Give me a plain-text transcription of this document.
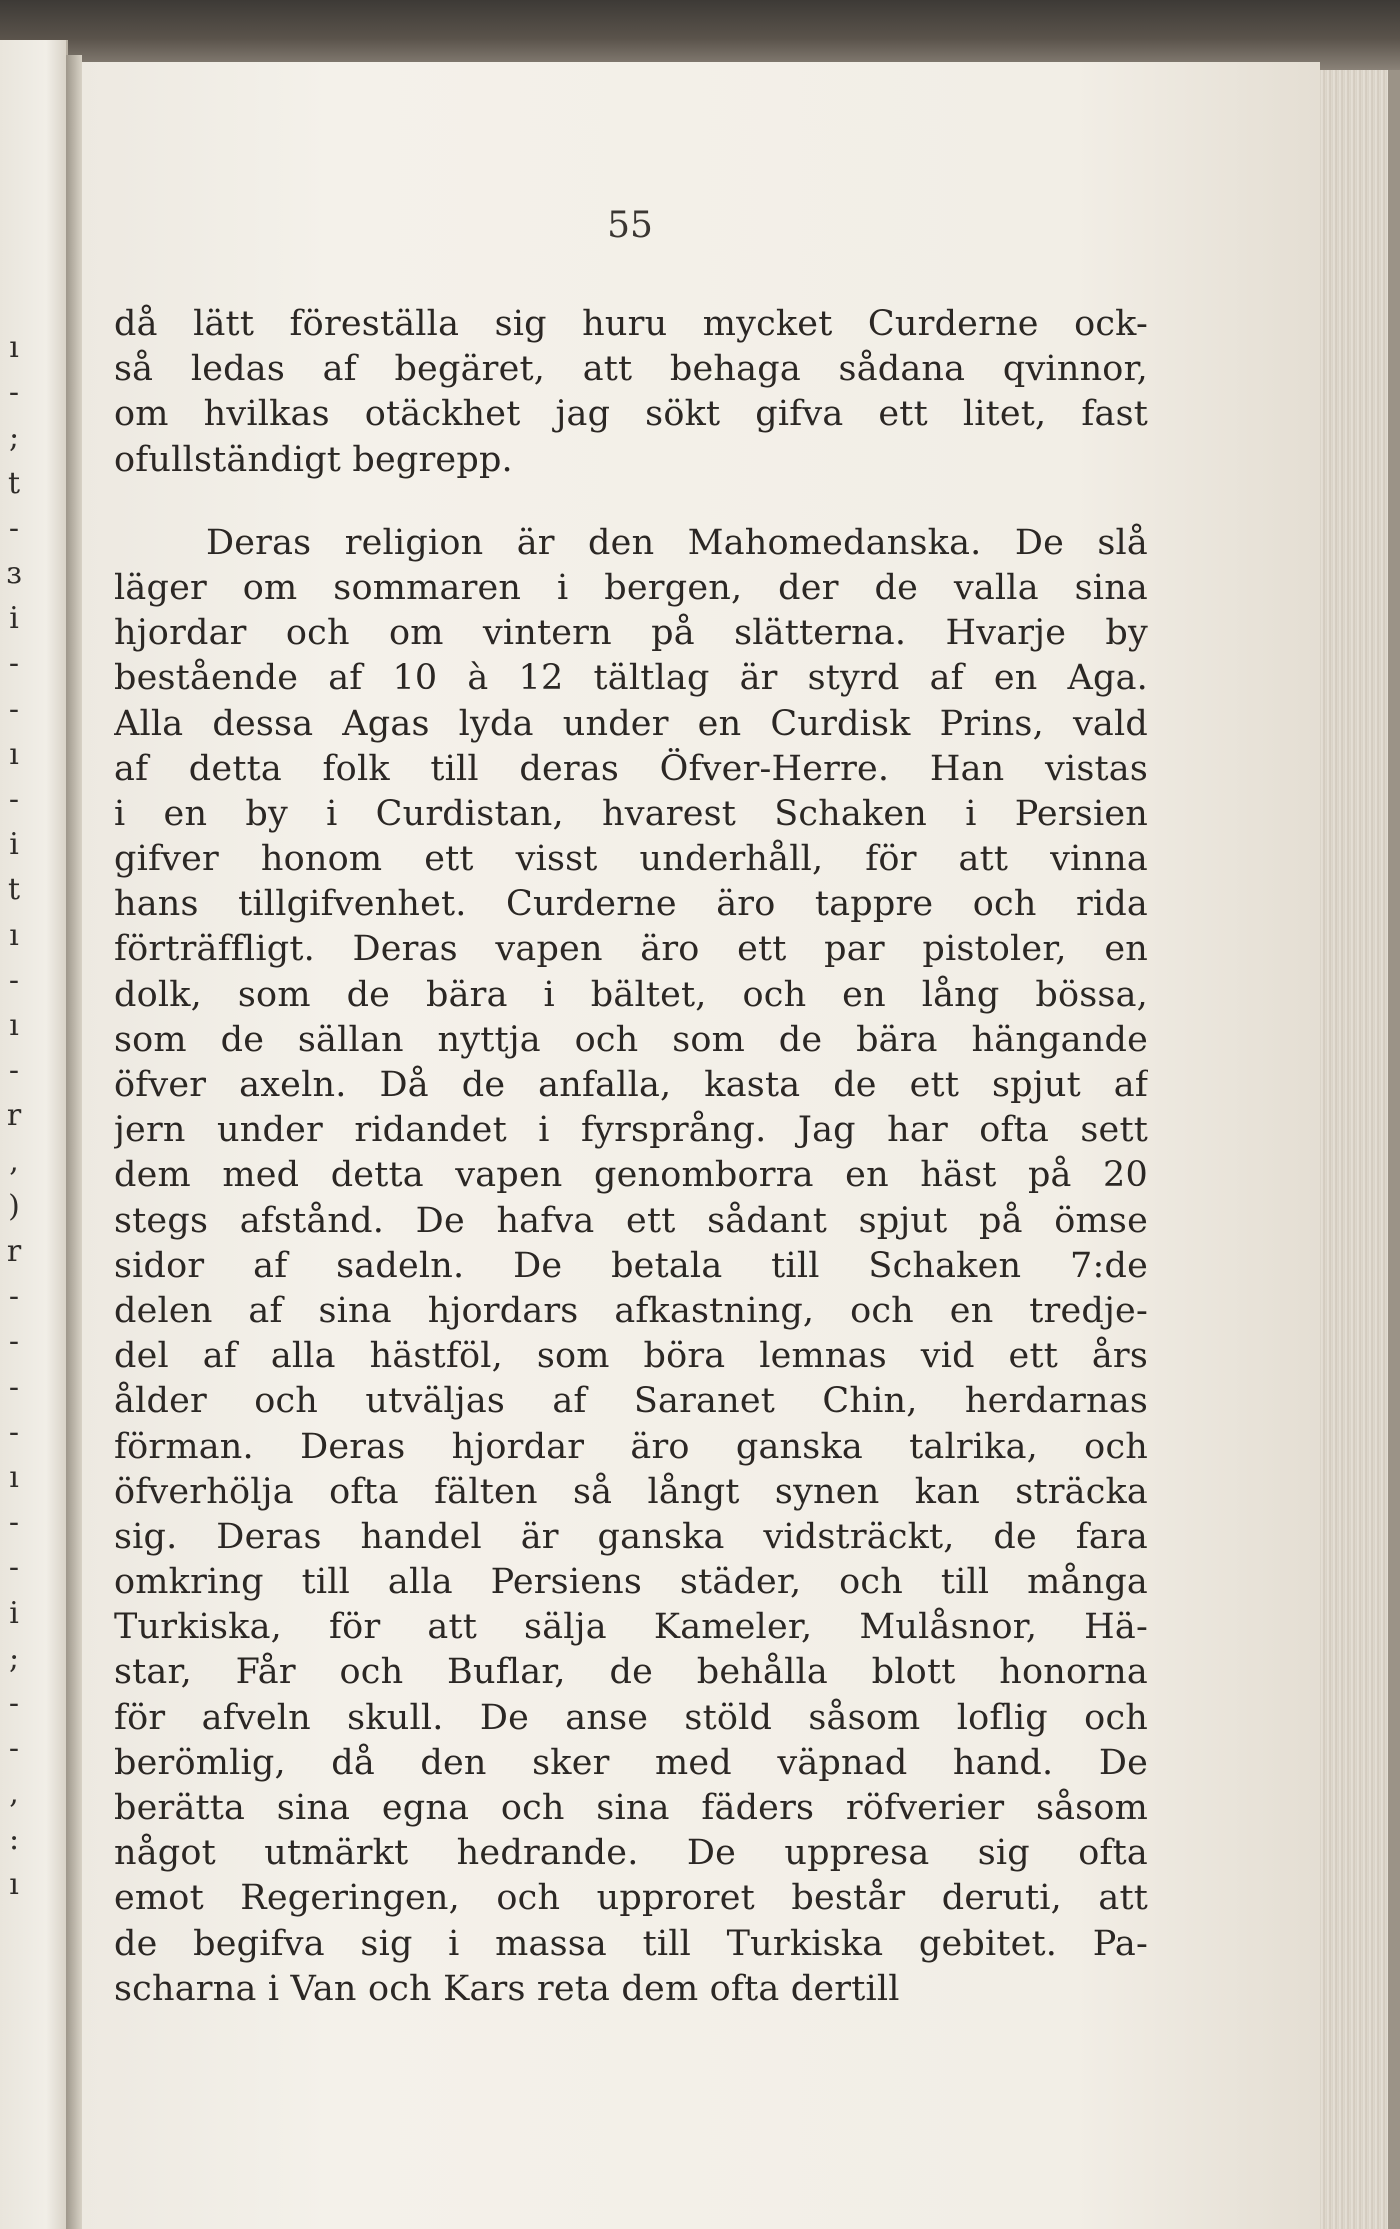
ı
-
;
t
-
ɜ
i
-
-
ı
-
i
t
ı
-
ı
-
r
,
)
r
-
-
-
-
ı
-
-
i
;
-
-
,
:
ı
55
då lätt föreställa sig huru mycket Curderne ock-
så ledas af begäret, att behaga sådana qvinnor,
om hvilkas otäckhet jag sökt gifva ett litet, fast
ofullständigt begrepp.
Deras religion är den Mahomedanska. De slå
läger om sommaren i bergen, der de valla sina
hjordar och om vintern på slätterna. Hvarje by
bestående af 10 à 12 tältlag är styrd af en Aga.
Alla dessa Agas lyda under en Curdisk Prins, vald
af detta folk till deras Öfver-Herre. Han vistas
i en by i Curdistan, hvarest Schaken i Persien
gifver honom ett visst underhåll, för att vinna
hans tillgifvenhet. Curderne äro tappre och rida
förträffligt. Deras vapen äro ett par pistoler, en
dolk, som de bära i bältet, och en lång bössa,
som de sällan nyttja och som de bära hängande
öfver axeln. Då de anfalla, kasta de ett spjut af
jern under ridandet i fyrsprång. Jag har ofta sett
dem med detta vapen genomborra en häst på 20
stegs afstånd. De hafva ett sådant spjut på ömse
sidor af sadeln. De betala till Schaken 7:de
delen af sina hjordars afkastning, och en tredje-
del af alla hästföl, som böra lemnas vid ett års
ålder och utväljas af Saranet Chin, herdarnas
förman. Deras hjordar äro ganska talrika, och
öfverhölja ofta fälten så långt synen kan sträcka
sig. Deras handel är ganska vidsträckt, de fara
omkring till alla Persiens städer, och till många
Turkiska, för att sälja Kameler, Mulåsnor, Hä-
star, Får och Buflar, de behålla blott honorna
för afveln skull. De anse stöld såsom loflig och
berömlig, då den sker med väpnad hand. De
berätta sina egna och sina fäders röfverier såsom
något utmärkt hedrande. De uppresa sig ofta
emot Regeringen, och upproret består deruti, att
de begifva sig i massa till Turkiska gebitet. Pa-
scharna i Van och Kars reta dem ofta dertill
